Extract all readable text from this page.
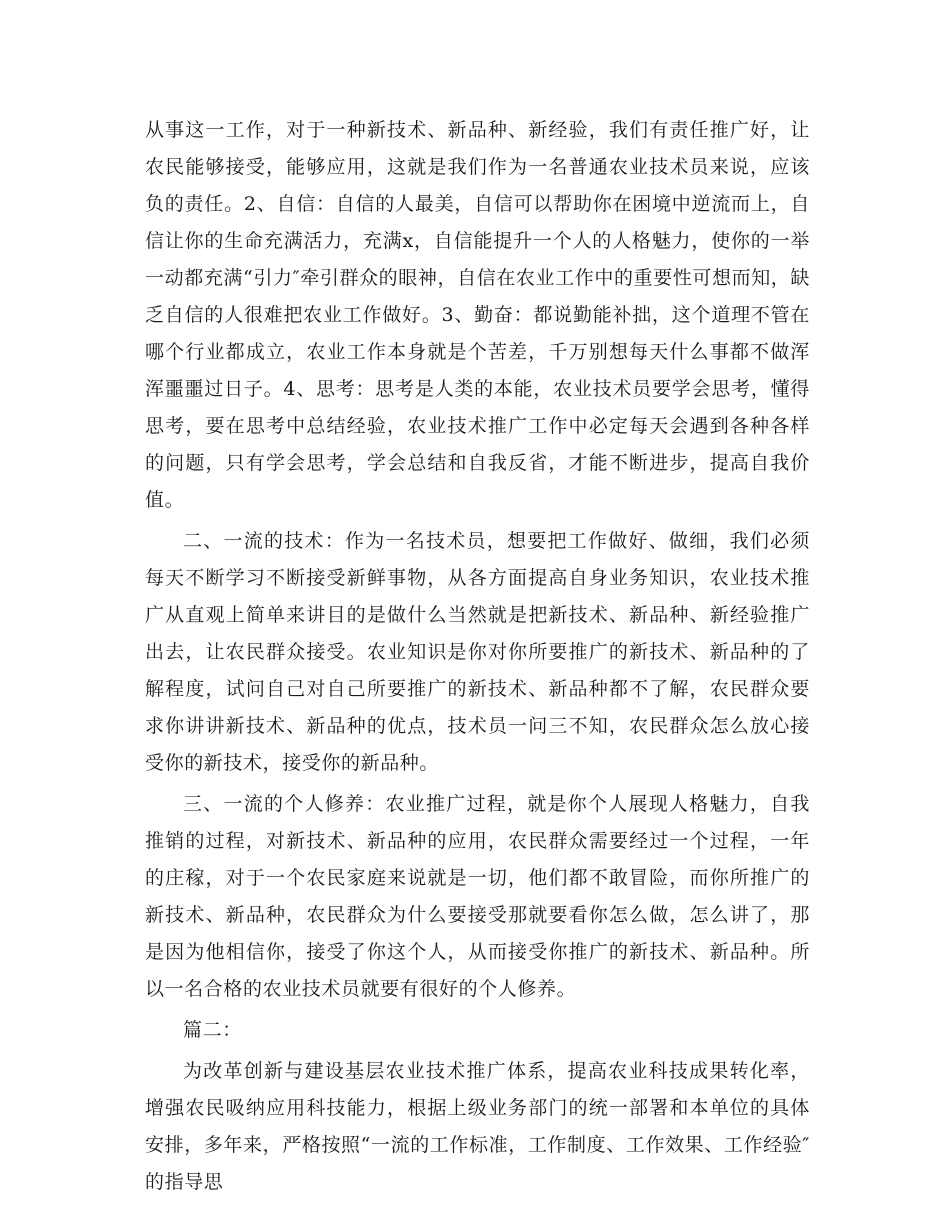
从事这一工作，对于一种新技术、新品种、新经验，我们有责任推广好，让农民能够接受，能够应用，这就是我们作为一名普通农业技术员来说，应该负的责任。2、自信：自信的人最美，自信可以帮助你在困境中逆流而上，自信让你的生命充满活力，充满x，自信能提升一个人的人格魅力，使你的一举一动都充满“引力″牵引群众的眼神，自信在农业工作中的重要性可想而知，缺乏自信的人很难把农业工作做好。3、勤奋：都说勤能补拙，这个道理不管在哪个行业都成立，农业工作本身就是个苦差，千万别想每天什么事都不做浑浑噩噩过日子。4、思考：思考是人类的本能，农业技术员要学会思考，懂得思考，要在思考中总结经验，农业技术推广工作中必定每天会遇到各种各样的问题，只有学会思考，学会总结和自我反省，才能不断进步，提高自我价值。

二、一流的技术：作为一名技术员，想要把工作做好、做细，我们必须每天不断学习不断接受新鲜事物，从各方面提高自身业务知识，农业技术推广从直观上简单来讲目的是做什么当然就是把新技术、新品种、新经验推广出去，让农民群众接受。农业知识是你对你所要推广的新技术、新品种的了解程度，试问自己对自己所要推广的新技术、新品种都不了解，农民群众要求你讲讲新技术、新品种的优点，技术员一问三不知，农民群众怎么放心接受你的新技术，接受你的新品种。

三、一流的个人修养：农业推广过程，就是你个人展现人格魅力，自我推销的过程，对新技术、新品种的应用，农民群众需要经过一个过程，一年的庄稼，对于一个农民家庭来说就是一切，他们都不敢冒险，而你所推广的新技术、新品种，农民群众为什么要接受那就要看你怎么做，怎么讲了，那是因为他相信你，接受了你这个人，从而接受你推广的新技术、新品种。所以一名合格的农业技术员就要有很好的个人修养。

篇二：

为改革创新与建设基层农业技术推广体系，提高农业科技成果转化率，增强农民吸纳应用科技能力，根据上级业务部门的统一部署和本单位的具体安排，多年来，严格按照“一流的工作标准，工作制度、工作效果、工作经验″的指导思
